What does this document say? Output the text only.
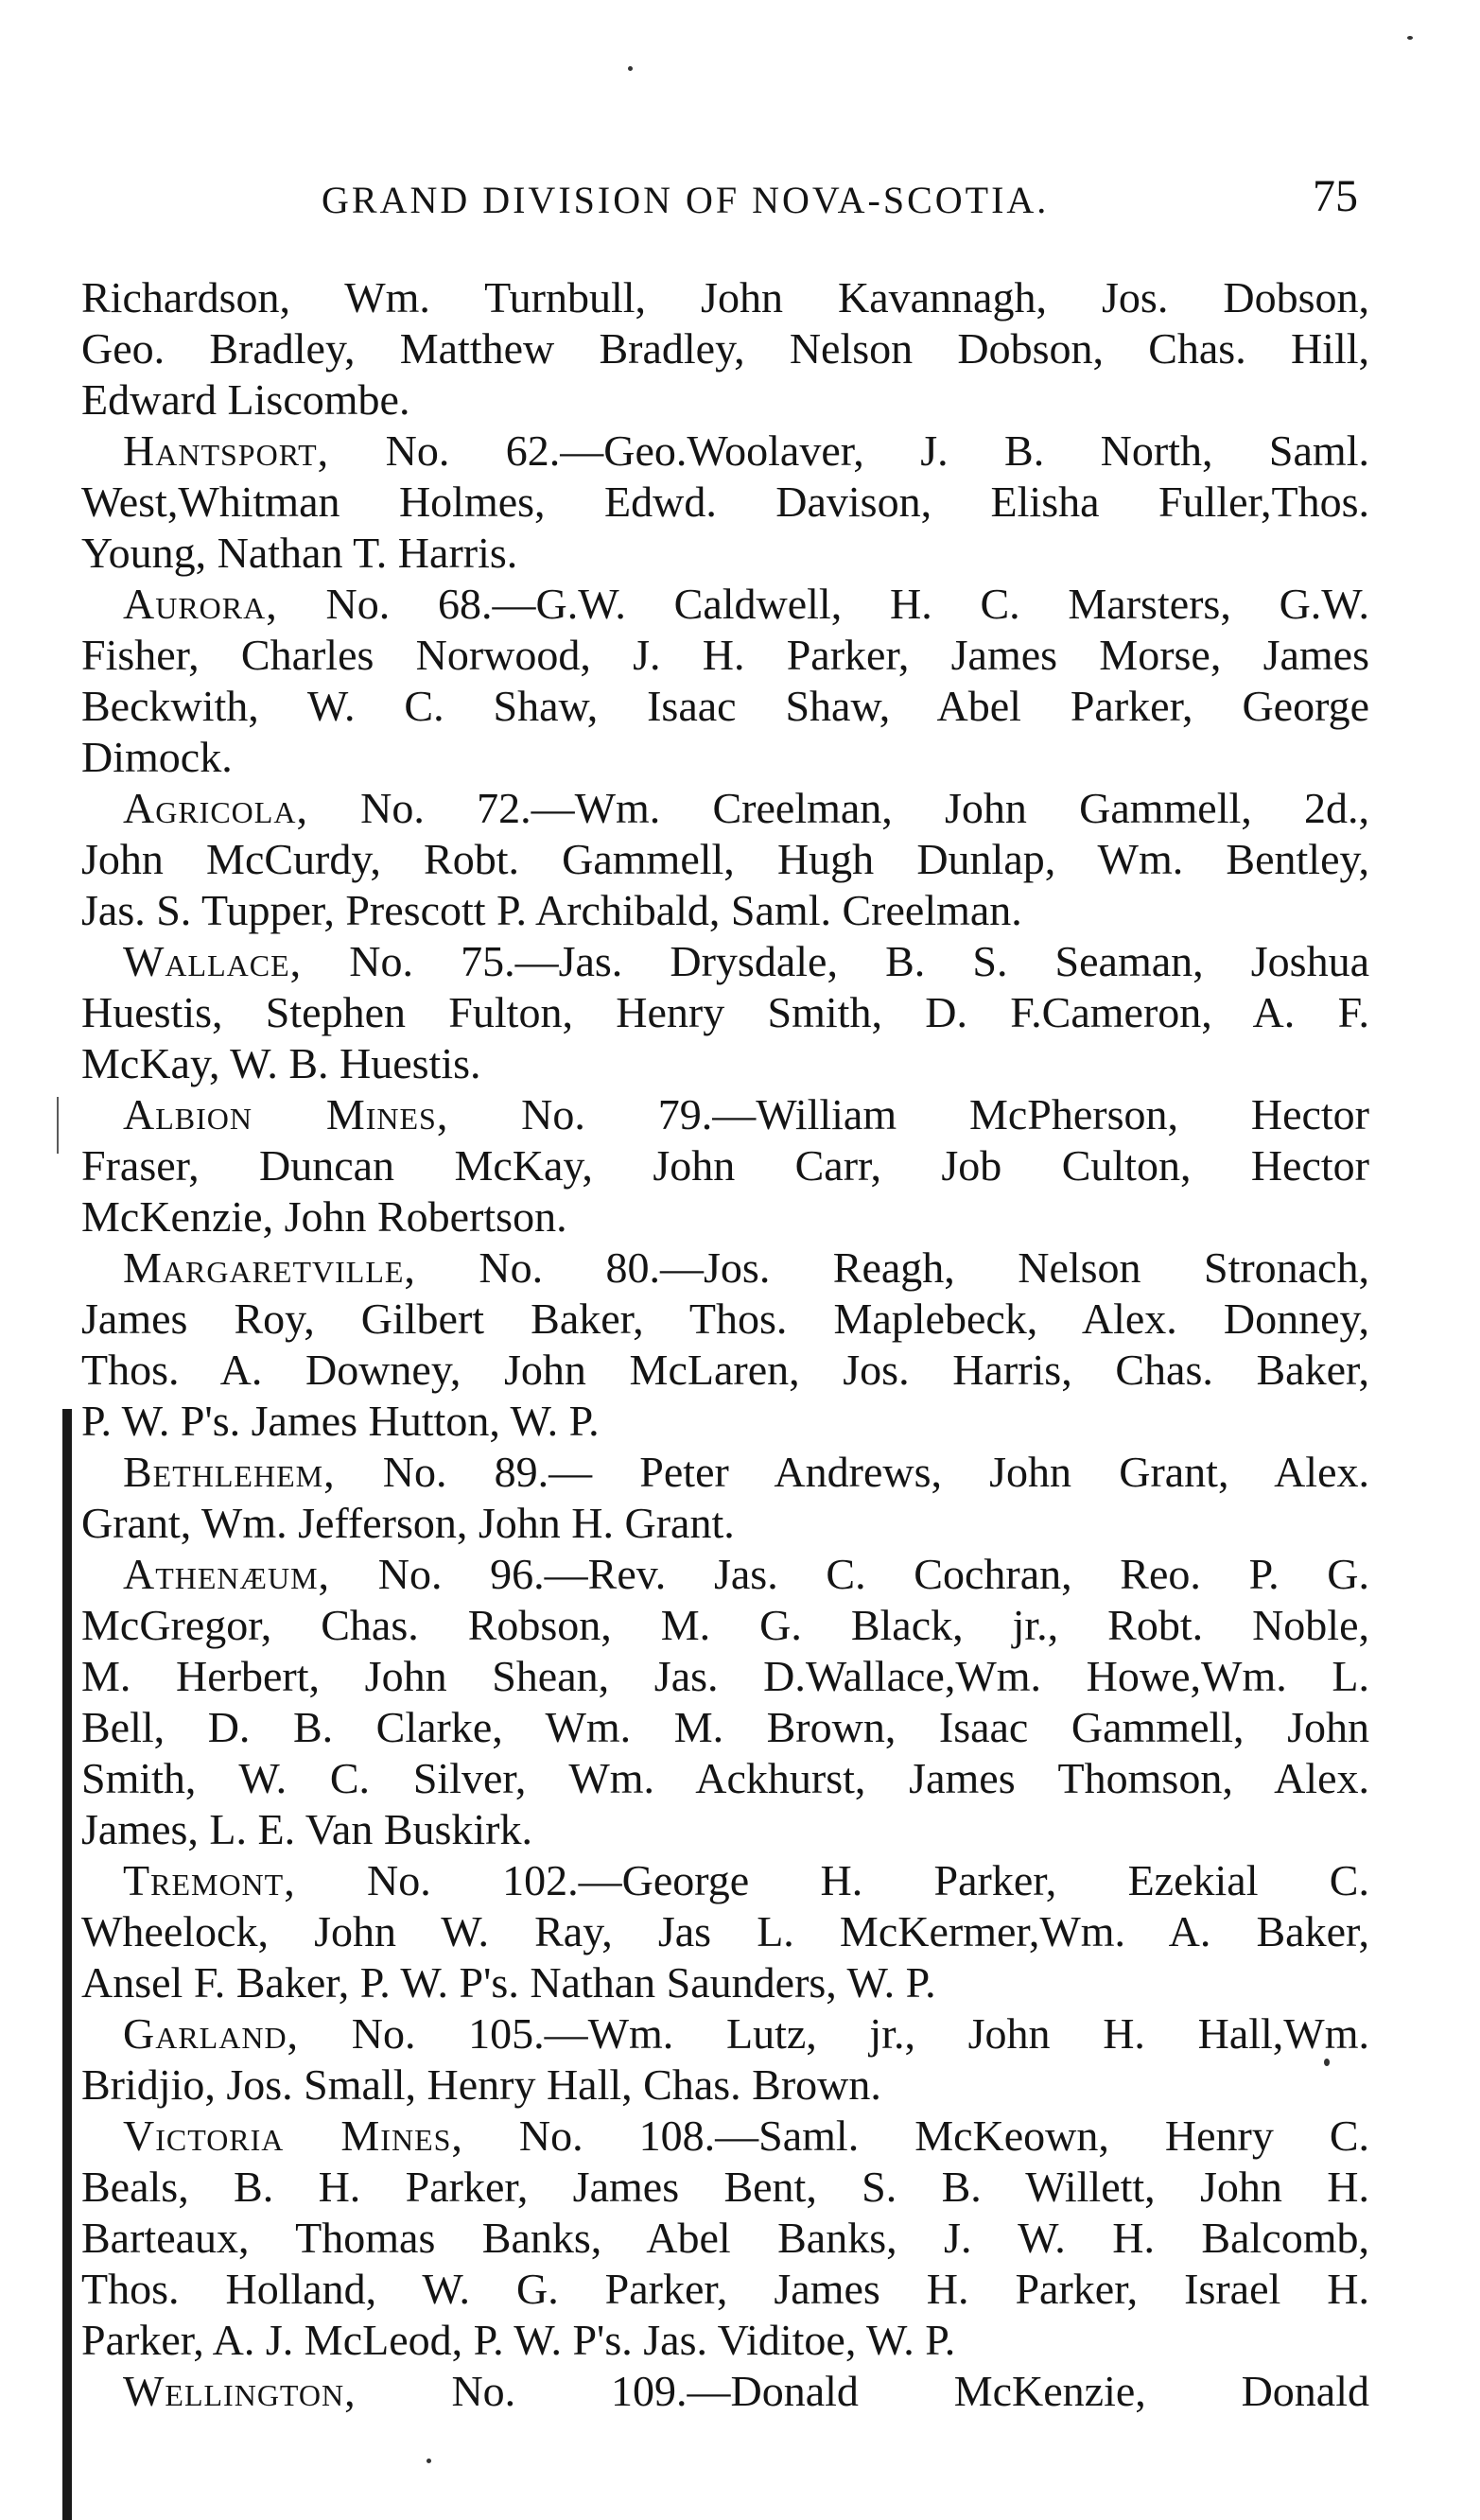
GRAND DIVISION OF NOVA-SCOTIA.	75
Richardson, Wm. Turnbull, John Kavannagh, Jos. Dobson,
Geo. Bradley, Matthew Bradley, Nelson Dobson, Chas. Hill,
Edward Liscombe.
Hantsport, No. 62.—Geo.Woolaver, J. B. North, Saml.
West,Whitman Holmes, Edwd. Davison, Elisha Fuller,Thos.
Young, Nathan T. Harris.
Aurora, No. 68.—G.W. Caldwell, H. C. Marsters, G.W.
Fisher, Charles Norwood, J. H. Parker, James Morse, James
Beckwith, W. C. Shaw, Isaac Shaw, Abel Parker, George
Dimock.
Agricola, No. 72.—Wm. Creelman, John Gammell, 2d.,
John McCurdy, Robt. Gammell, Hugh Dunlap, Wm. Bentley,
Jas. S. Tupper, Prescott P. Archibald, Saml. Creelman.
Wallace, No. 75.—Jas. Drysdale, B. S. Seaman, Joshua
Huestis, Stephen Fulton, Henry Smith, D. F.Cameron, A. F.
McKay, W. B. Huestis.
Albion Mines, No. 79.—William McPherson, Hector
Fraser, Duncan McKay, John Carr, Job Culton, Hector
McKenzie, John Robertson.
Margaretville, No. 80.—Jos. Reagh, Nelson Stronach,
James Roy, Gilbert Baker, Thos. Maplebeck, Alex. Donney,
Thos. A. Downey, John McLaren, Jos. Harris, Chas. Baker,
P. W. P's. James Hutton, W. P.
Bethlehem, No. 89.— Peter Andrews, John Grant, Alex.
Grant, Wm. Jefferson, John H. Grant.
Athenæum, No. 96.—Rev. Jas. C. Cochran, Reo. P. G.
McGregor, Chas. Robson, M. G. Black, jr., Robt. Noble,
M. Herbert, John Shean, Jas. D.Wallace,Wm. Howe,Wm. L.
Bell, D. B. Clarke, Wm. M. Brown, Isaac Gammell, John
Smith, W. C. Silver, Wm. Ackhurst, James Thomson, Alex.
James, L. E. Van Buskirk.
Tremont, No. 102.—George H. Parker, Ezekial C.
Wheelock, John W. Ray, Jas L. McKermer,Wm. A. Baker,
Ansel F. Baker, P. W. P's. Nathan Saunders, W. P.
Garland, No. 105.—Wm. Lutz, jr., John H. Hall,Wm.
Bridjio, Jos. Small, Henry Hall, Chas. Brown.
Victoria Mines, No. 108.—Saml. McKeown, Henry C.
Beals, B. H. Parker, James Bent, S. B. Willett, John H.
Barteaux, Thomas Banks, Abel Banks, J. W. H. Balcomb,
Thos. Holland, W. G. Parker, James H. Parker, Israel H.
Parker, A. J. McLeod, P. W. P's. Jas. Viditoe, W. P.
Wellington, No. 109.—Donald McKenzie, Donald
